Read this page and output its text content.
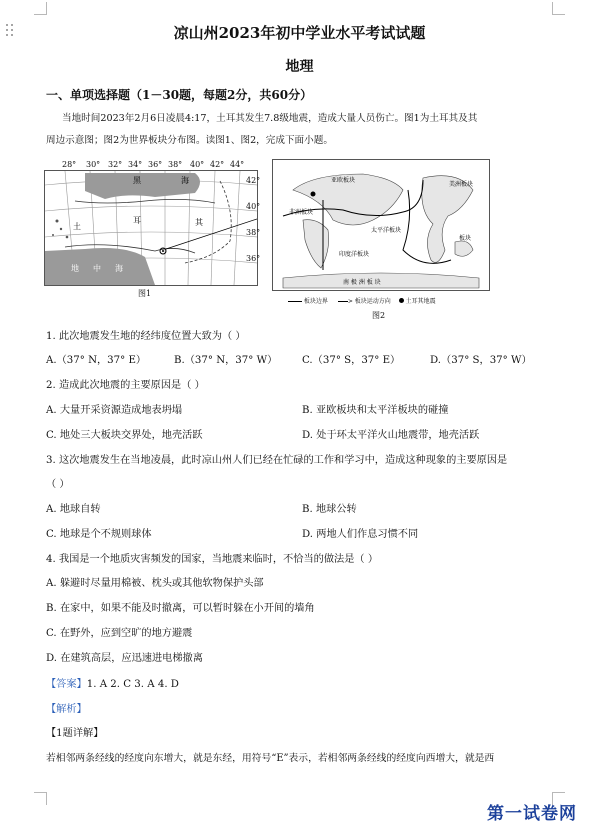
凉山州2023年初中学业水平考试试题
地理
一、单项选择题（1－30题，每题2分，共60分）
当地时间2023年2月6日凌晨4:17，土耳其发生7.8级地震，造成大量人员伤亡。图1为土耳其及其
周边示意图；图2为世界板块分布图。读图1、图2，完成下面小题。
黑	海
土
耳	其
地 中 海
28° 30° 32° 34° 36° 38° 40° 42° 44°
42°
40°
38°
36°
图1
亚欧板块
非洲板块
美洲板块
太平洋板块
印度洋板块
板块
南 极 洲 板 块
板块边界	> 板块运动方向 土耳其地震
图2
1. 此次地震发生地的经纬度位置大致为（ ）
A.（37° N，37° E）	B.（37° N，37° W） C.（37° S，37° E）	D.（37° S，37° W）
2. 造成此次地震的主要原因是（ ）
A. 大量开采资源造成地表坍塌	B. 亚欧板块和太平洋板块的碰撞
C. 地处三大板块交界处，地壳活跃	D. 处于环太平洋火山地震带，地壳活跃
3. 这次地震发生在当地凌晨，此时凉山州人们已经在忙碌的工作和学习中，造成这种现象的主要原因是
（ ）
A. 地球自转	B. 地球公转
C. 地球是个不规则球体	D. 两地人们作息习惯不同
4. 我国是一个地质灾害频发的国家，当地震来临时，不恰当的做法是（ ）
A. 躲避时尽量用棉被、枕头或其他软物保护头部
B. 在家中，如果不能及时撤离，可以暂时躲在小开间的墙角
C. 在野外，应到空旷的地方避震
D. 在建筑高层，应迅速进电梯撤离
【答案】1. A 2. C 3. A 4. D
【解析】
【1题详解】
若相邻两条经线的经度向东增大，就是东经，用符号“E”表示，若相邻两条经线的经度向西增大，就是西
第一试卷网
